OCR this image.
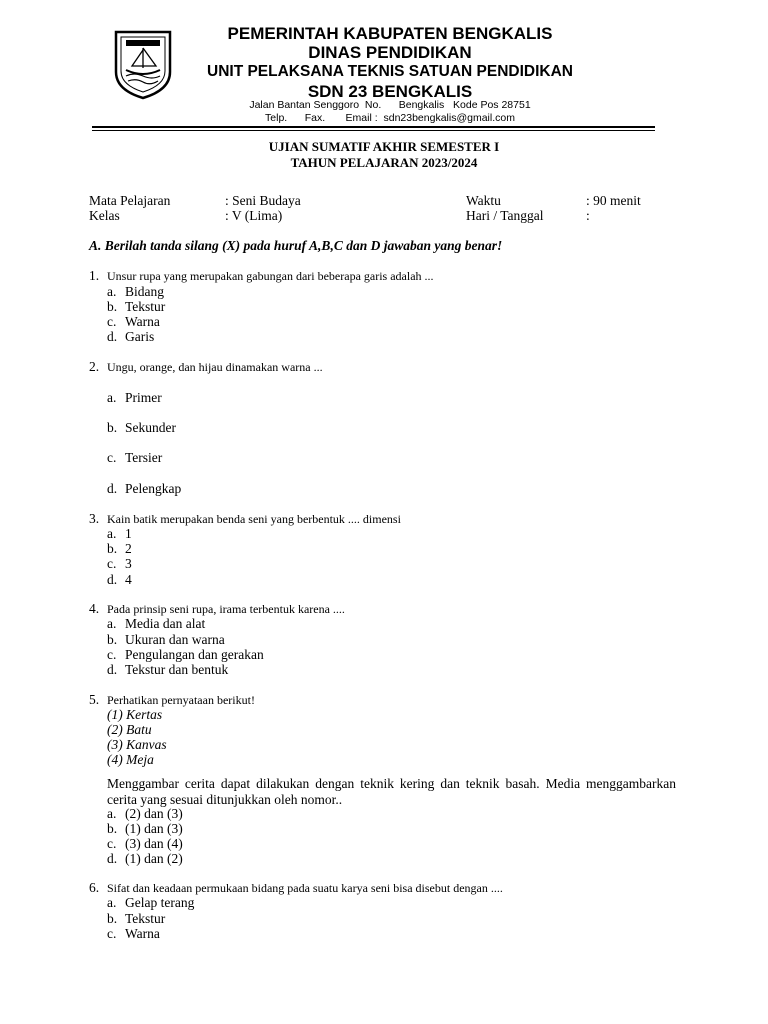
PEMERINTAH KABUPATEN BENGKALIS
DINAS PENDIDIKAN
UNIT PELAKSANA TEKNIS SATUAN PENDIDIKAN
SDN 23 BENGKALIS
Jalan Bantan Senggoro  No.      Bengkalis   Kode Pos 28751
Telp.      Fax.       Email :  sdn23bengkalis@gmail.com
UJIAN SUMATIF AKHIR SEMESTER I
TAHUN PELAJARAN 2023/2024
Mata Pelajaran	: Seni Budaya	Waktu	: 90 menit
Kelas	: V (Lima)	Hari / Tanggal	:
A. Berilah tanda silang (X) pada huruf A,B,C dan D jawaban yang benar!
1. Unsur rupa yang merupakan gabungan dari beberapa garis adalah ...
a. Bidang
b. Tekstur
c. Warna
d. Garis
2. Ungu, orange, dan hijau dinamakan warna ...
a. Primer
b. Sekunder
c. Tersier
d. Pelengkap
3. Kain batik merupakan benda seni yang berbentuk .... dimensi
a. 1
b. 2
c. 3
d. 4
4. Pada prinsip seni rupa, irama terbentuk karena ....
a. Media dan alat
b. Ukuran dan warna
c. Pengulangan dan gerakan
d. Tekstur dan bentuk
5. Perhatikan pernyataan berikut!
(1) Kertas
(2) Batu
(3) Kanvas
(4) Meja
Menggambar cerita dapat dilakukan dengan teknik kering dan teknik basah. Media menggambarkan cerita yang sesuai ditunjukkan oleh nomor..
a. (2) dan (3)
b. (1) dan (3)
c. (3) dan (4)
d. (1) dan (2)
6. Sifat dan keadaan permukaan bidang pada suatu karya seni bisa disebut dengan ....
a. Gelap terang
b. Tekstur
c. Warna
